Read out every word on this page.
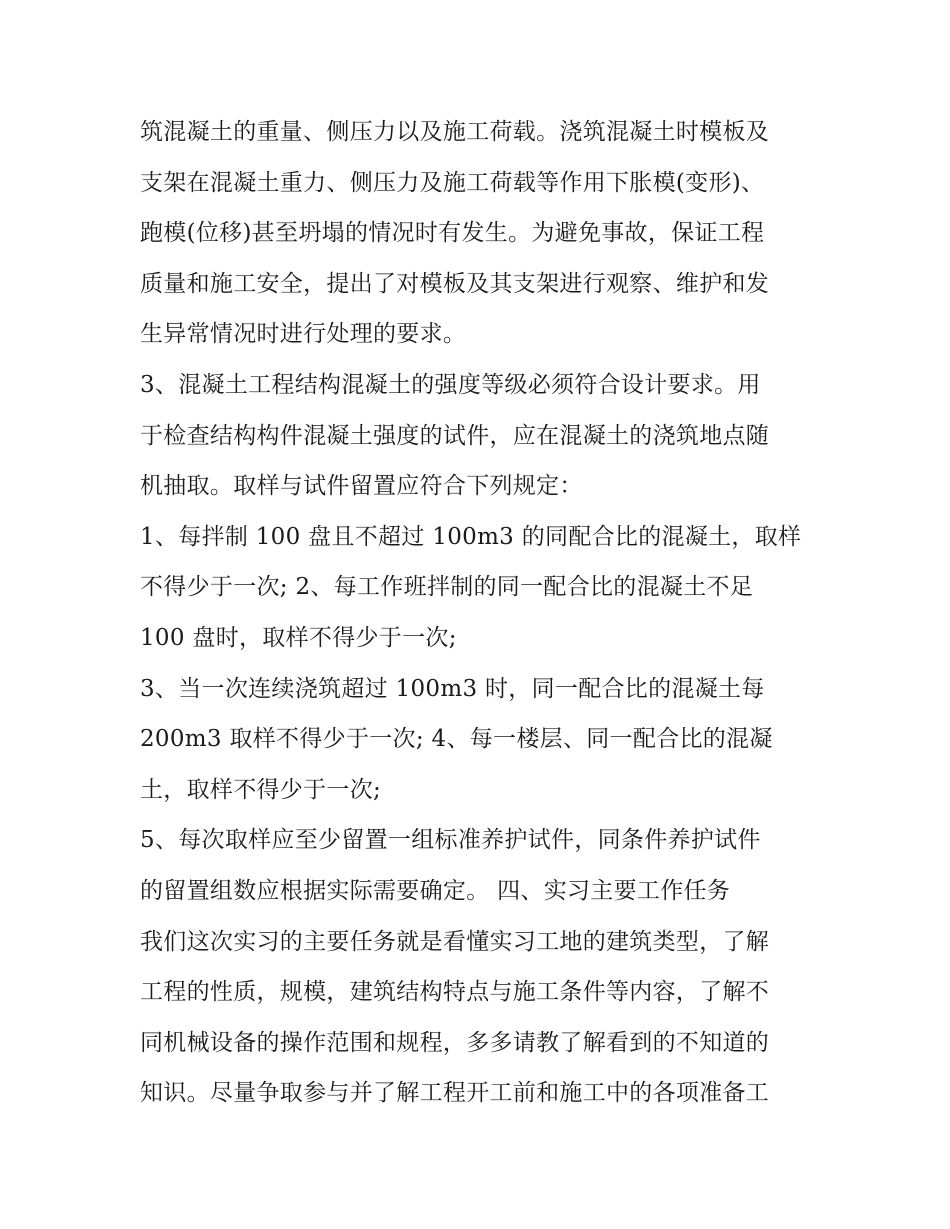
筑混凝土的重量、侧压力以及施工荷载。浇筑混凝土时模板及
支架在混凝土重力、侧压力及施工荷载等作用下胀模(变形)、
跑模(位移)甚至坍塌的情况时有发生。为避免事故，保证工程
质量和施工安全，提出了对模板及其支架进行观察、维护和发
生异常情况时进行处理的要求。
3、混凝土工程结构混凝土的强度等级必须符合设计要求。用
于检查结构构件混凝土强度的试件，应在混凝土的浇筑地点随
机抽取。取样与试件留置应符合下列规定：
1、每拌制 100 盘且不超过 100m3 的同配合比的混凝土，取样
不得少于一次; 2、每工作班拌制的同一配合比的混凝土不足
100 盘时，取样不得少于一次;
3、当一次连续浇筑超过 100m3 时，同一配合比的混凝土每
200m3 取样不得少于一次; 4、每一楼层、同一配合比的混凝
土，取样不得少于一次;
5、每次取样应至少留置一组标准养护试件，同条件养护试件
的留置组数应根据实际需要确定。 四、实习主要工作任务
我们这次实习的主要任务就是看懂实习工地的建筑类型，了解
工程的性质，规模，建筑结构特点与施工条件等内容，了解不
同机械设备的操作范围和规程，多多请教了解看到的不知道的
知识。尽量争取参与并了解工程开工前和施工中的各项准备工
